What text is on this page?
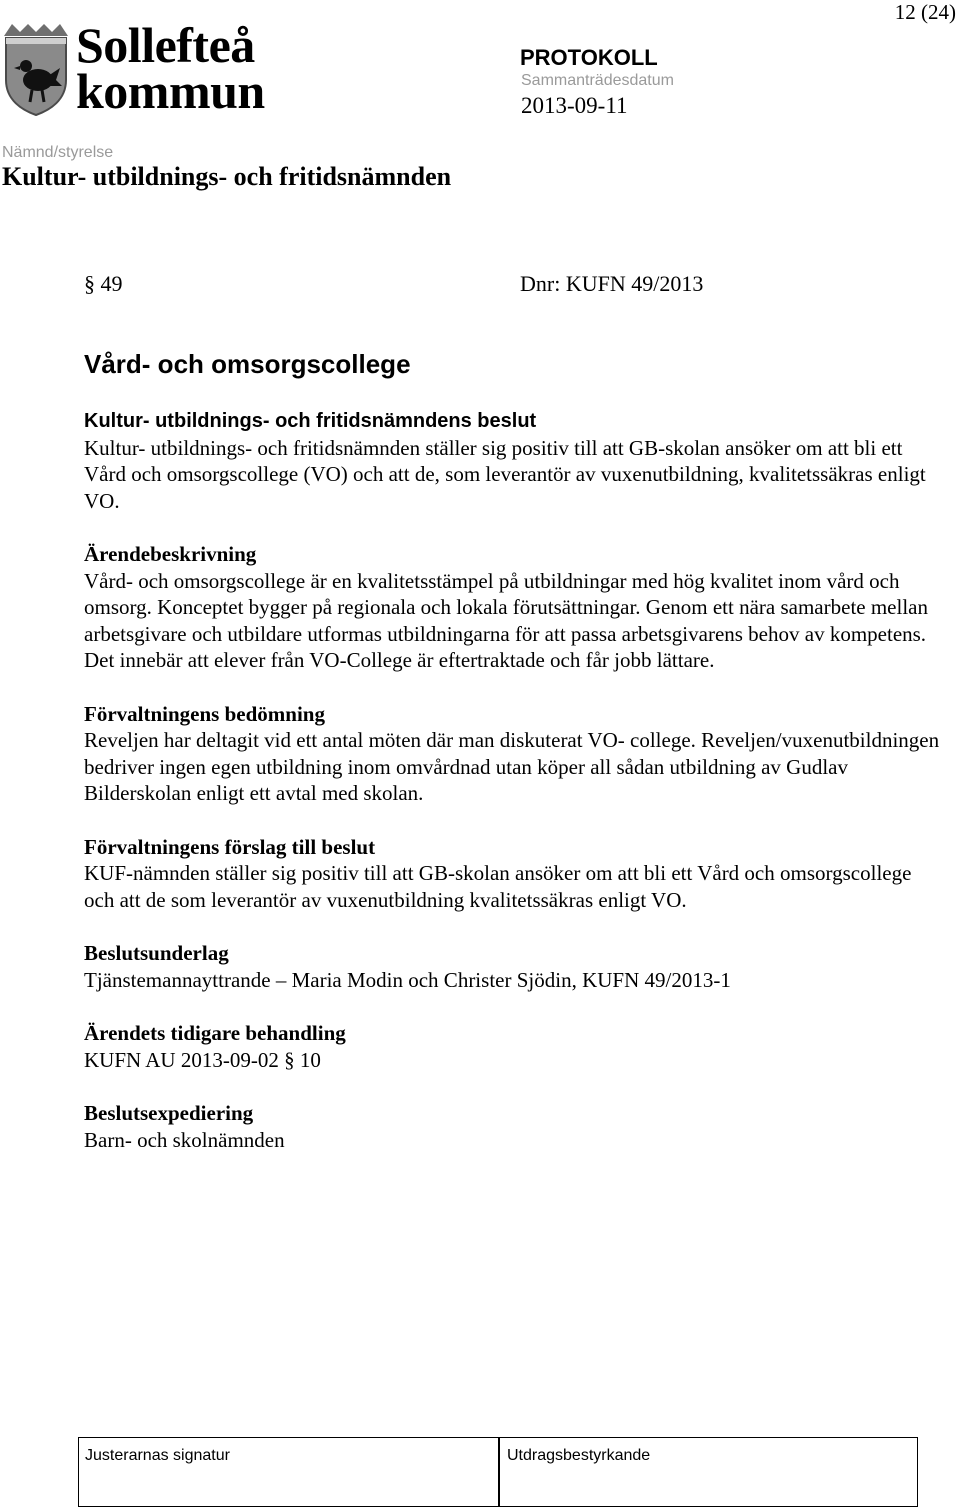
12 (24)
Sollefteå
kommun
PROTOKOLL
Sammanträdesdatum
2013-09-11
Nämnd/styrelse
Kultur- utbildnings- och fritidsnämnden
§ 49	Dnr: KUFN 49/2013
Vård- och omsorgscollege
Kultur- utbildnings- och fritidsnämndens beslut

Kultur- utbildnings- och fritidsnämnden ställer sig positiv till att GB-skolan ansöker om att bli ett Vård och omsorgscollege (VO) och att de, som leverantör av vuxenutbildning, kvalitetssäkras enligt VO.

Ärendebeskrivning

Vård- och omsorgscollege är en kvalitetsstämpel på utbildningar med hög kvalitet inom vård och omsorg. Konceptet bygger på regionala och lokala förutsättningar. Genom ett nära samarbete mellan arbetsgivare och utbildare utformas utbildningarna för att passa arbetsgivarens behov av kompetens. Det innebär att elever från VO-College är eftertraktade och får jobb lättare.

Förvaltningens bedömning

Reveljen har deltagit vid ett antal möten där man diskuterat VO- college. Reveljen/vuxenutbildningen bedriver ingen egen utbildning inom omvårdnad utan köper all sådan utbildning av Gudlav Bilderskolan enligt ett avtal med skolan.

Förvaltningens förslag till beslut

KUF-nämnden ställer sig positiv till att GB-skolan ansöker om att bli ett Vård och omsorgscollege och att de som leverantör av vuxenutbildning kvalitetssäkras enligt VO.

Beslutsunderlag

Tjänstemannayttrande – Maria Modin och Christer Sjödin, KUFN 49/2013-1

Ärendets tidigare behandling

KUFN AU 2013-09-02 § 10

Beslutsexpediering

Barn- och skolnämnden

Justerarnas signatur	Utdragsbestyrkande
